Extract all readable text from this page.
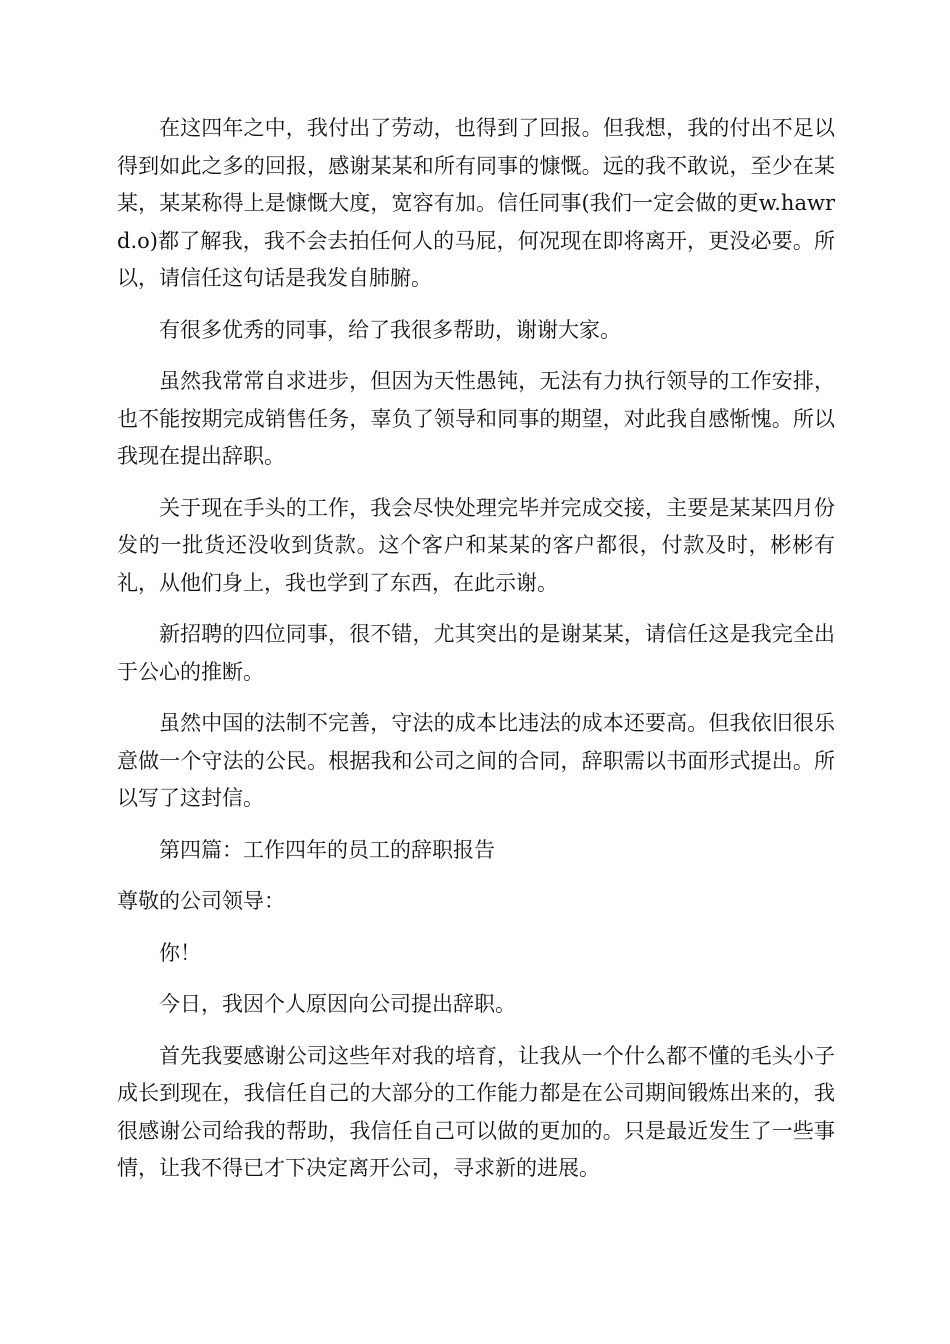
在这四年之中，我付出了劳动，也得到了回报。但我想，我的付出不足以得到如此之多的回报，感谢某某和所有同事的慷慨。远的我不敢说，至少在某某，某某称得上是慷慨大度，宽容有加。信任同事(我们一定会做的更w.hawrd.o)都了解我，我不会去拍任何人的马屁，何况现在即将离开，更没必要。所以，请信任这句话是我发自肺腑。

有很多优秀的同事，给了我很多帮助，谢谢大家。

虽然我常常自求进步，但因为天性愚钝，无法有力执行领导的工作安排，也不能按期完成销售任务，辜负了领导和同事的期望，对此我自感惭愧。所以我现在提出辞职。

关于现在手头的工作，我会尽快处理完毕并完成交接，主要是某某四月份发的一批货还没收到货款。这个客户和某某的客户都很，付款及时，彬彬有礼，从他们身上，我也学到了东西，在此示谢。

新招聘的四位同事，很不错，尤其突出的是谢某某，请信任这是我完全出于公心的推断。

虽然中国的法制不完善，守法的成本比违法的成本还要高。但我依旧很乐意做一个守法的公民。根据我和公司之间的合同，辞职需以书面形式提出。所以写了这封信。

第四篇：工作四年的员工的辞职报告

尊敬的公司领导：

你！

今日，我因个人原因向公司提出辞职。

首先我要感谢公司这些年对我的培育，让我从一个什么都不懂的毛头小子成长到现在，我信任自己的大部分的工作能力都是在公司期间锻炼出来的，我很感谢公司给我的帮助，我信任自己可以做的更加的。只是最近发生了一些事情，让我不得已才下决定离开公司，寻求新的进展。
